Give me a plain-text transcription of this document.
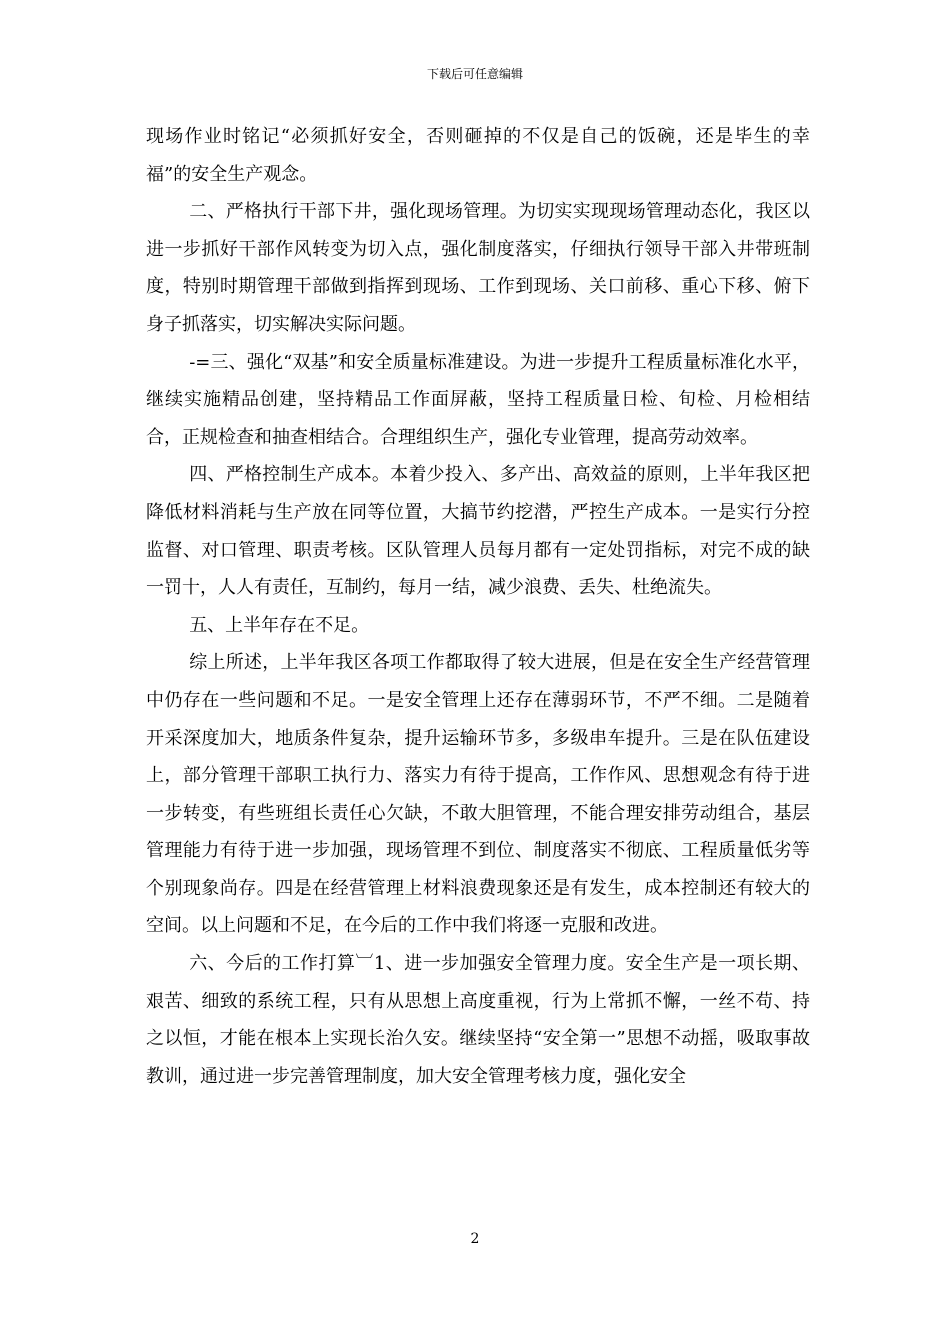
下载后可任意编辑

现场作业时铭记“必须抓好安全，否则砸掉的不仅是自己的饭碗，还是毕生的幸福”的安全生产观念。

二、严格执行干部下井，强化现场管理。为切实实现现场管理动态化，我区以进一步抓好干部作风转变为切入点，强化制度落实，仔细执行领导干部入井带班制度，特别时期管理干部做到指挥到现场、工作到现场、关口前移、重心下移、俯下身子抓落实，切实解决实际问题。

-=三、强化“双基”和安全质量标准建设。为进一步提升工程质量标准化水平，继续实施精品创建，坚持精品工作面屏蔽，坚持工程质量日检、旬检、月检相结合，正规检查和抽查相结合。合理组织生产，强化专业管理，提高劳动效率。

四、严格控制生产成本。本着少投入、多产出、高效益的原则，上半年我区把降低材料消耗与生产放在同等位置，大搞节约挖潜，严控生产成本。一是实行分控监督、对口管理、职责考核。区队管理人员每月都有一定处罚指标，对完不成的缺一罚十，人人有责任，互制约，每月一结，减少浪费、丢失、杜绝流失。

五、上半年存在不足。

综上所述，上半年我区各项工作都取得了较大进展，但是在安全生产经营管理中仍存在一些问题和不足。一是安全管理上还存在薄弱环节，不严不细。二是随着开采深度加大，地质条件复杂，提升运输环节多，多级串车提升。三是在队伍建设上，部分管理干部职工执行力、落实力有待于提高，工作作风、思想观念有待于进一步转变，有些班组长责任心欠缺，不敢大胆管理，不能合理安排劳动组合，基层管理能力有待于进一步加强，现场管理不到位、制度落实不彻底、工程质量低劣等个别现象尚存。四是在经营管理上材料浪费现象还是有发生，成本控制还有较大的空间。以上问题和不足，在今后的工作中我们将逐一克服和改进。

六、今后的工作打算︺1、进一步加强安全管理力度。安全生产是一项长期、艰苦、细致的系统工程，只有从思想上高度重视，行为上常抓不懈，一丝不苟、持之以恒，才能在根本上实现长治久安。继续坚持“安全第一”思想不动摇，吸取事故教训，通过进一步完善管理制度，加大安全管理考核力度，强化安全

2
